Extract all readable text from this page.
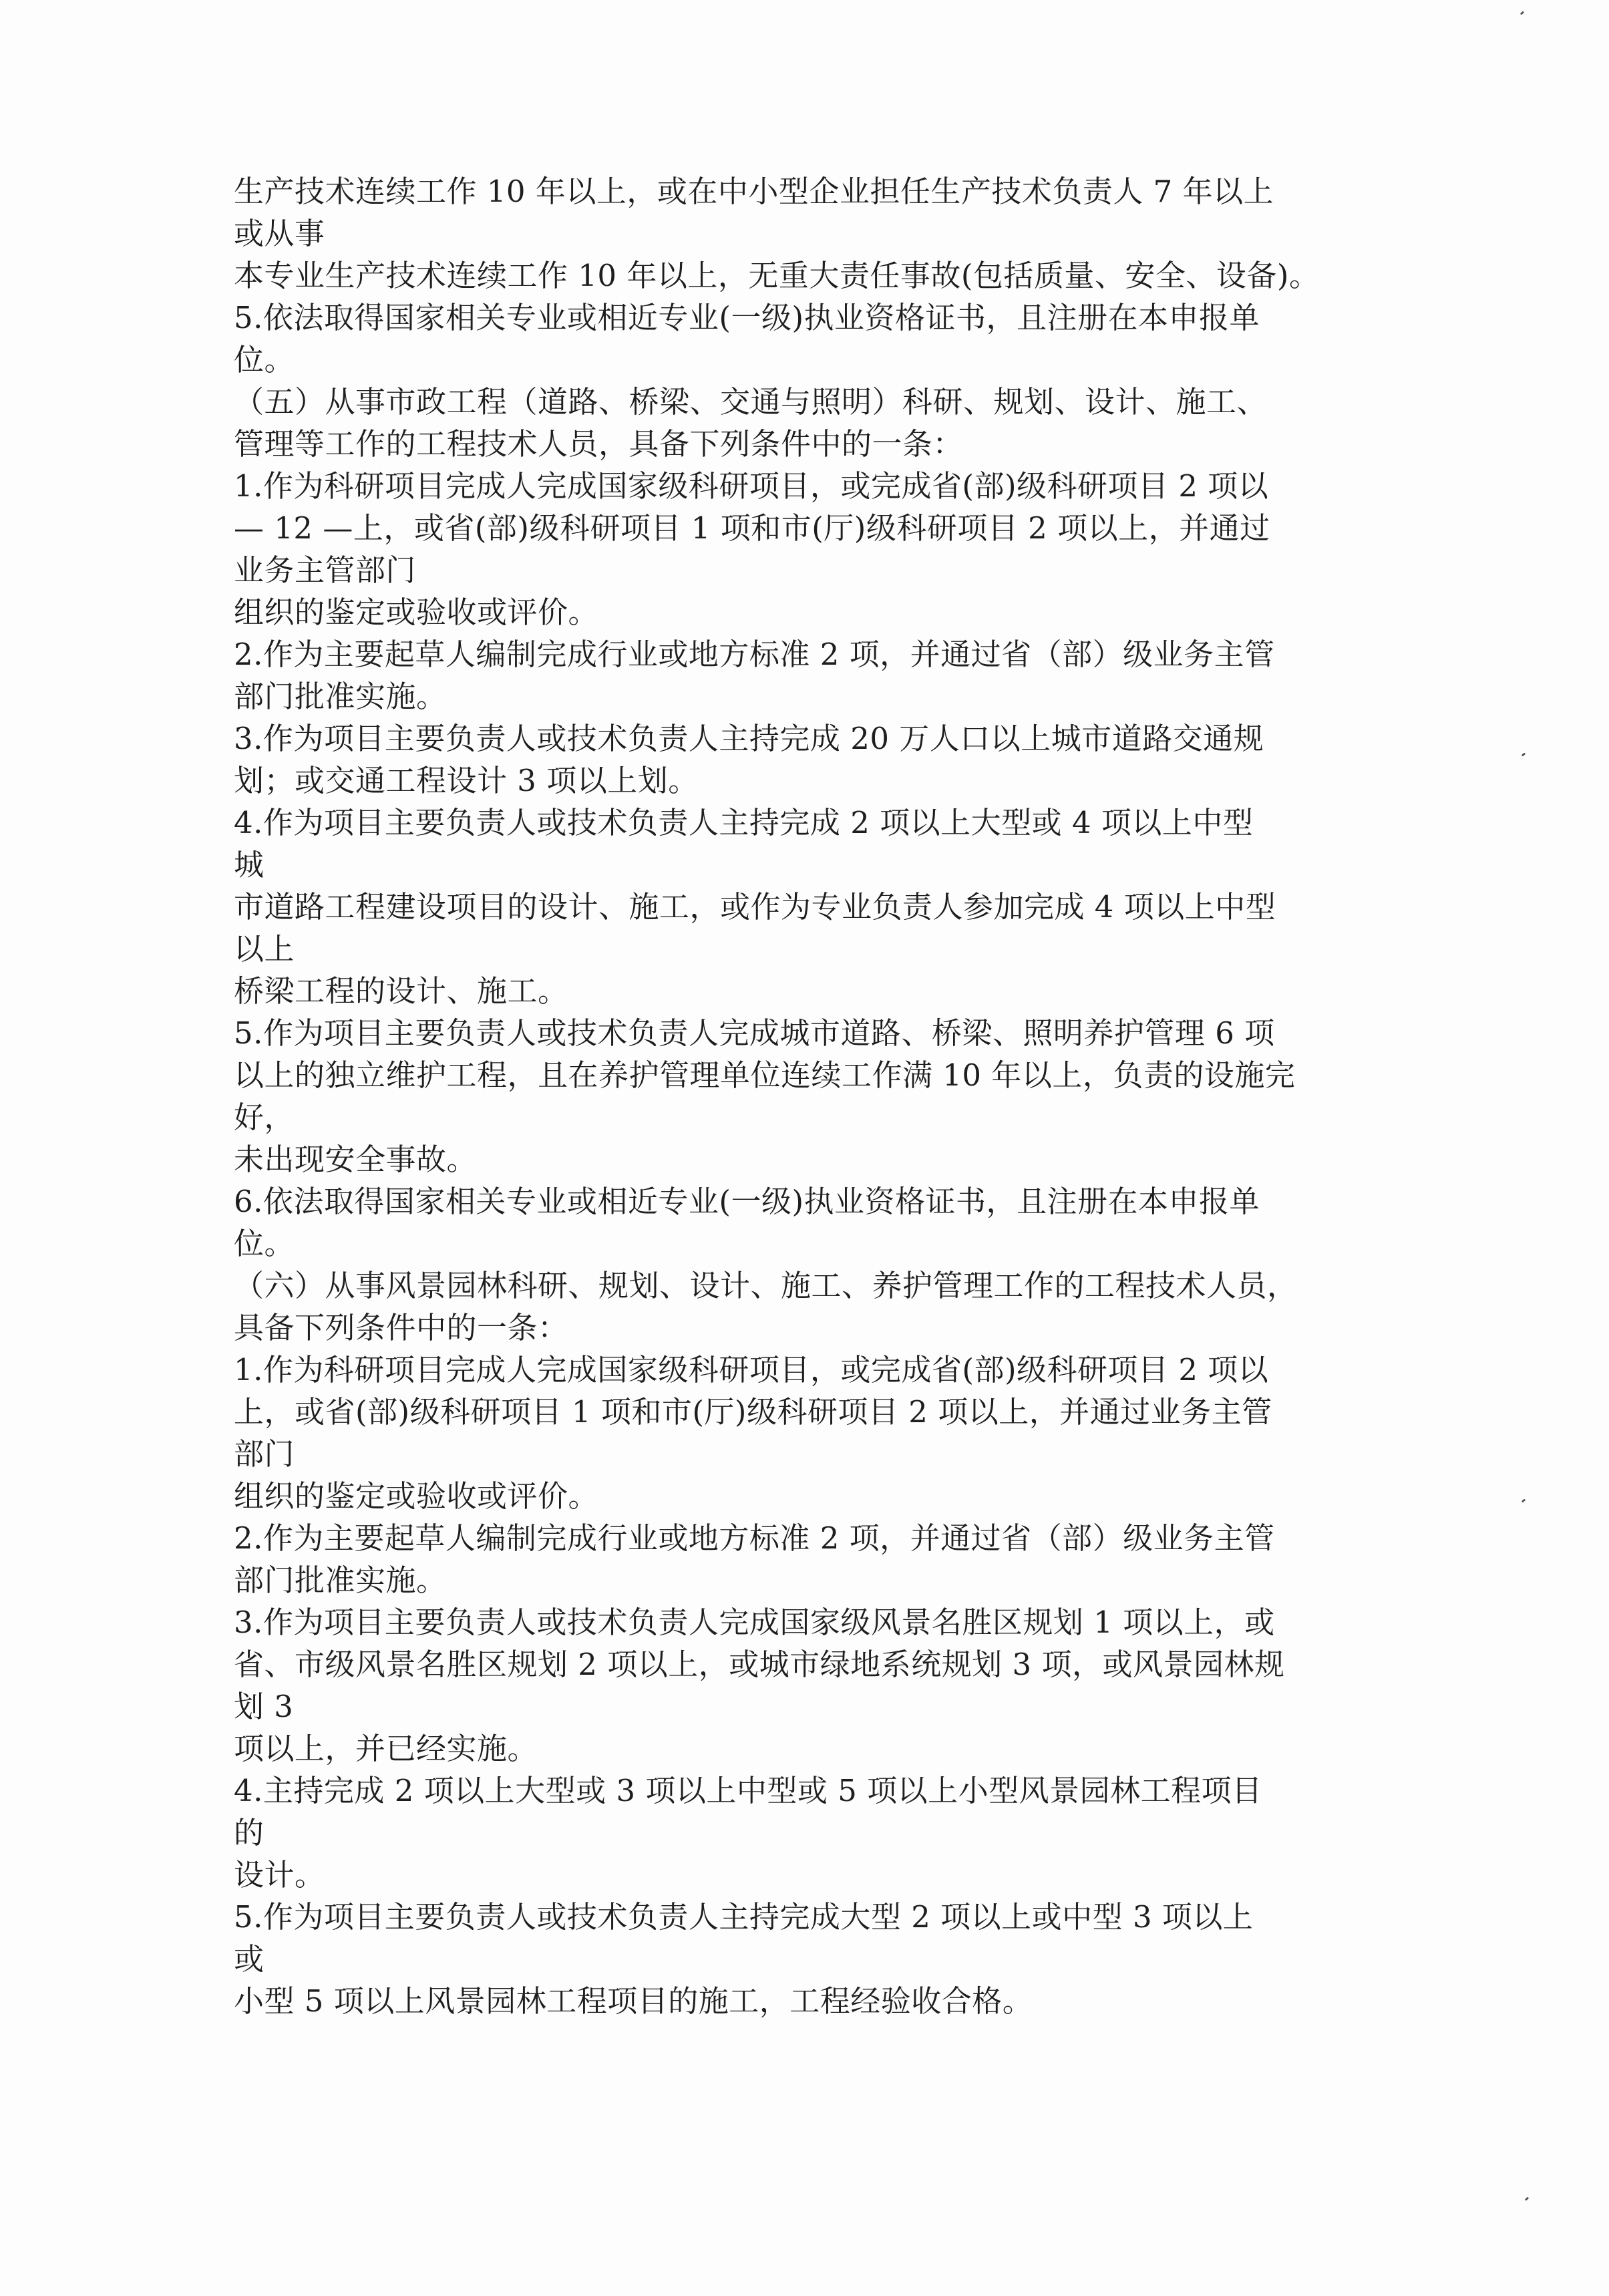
生产技术连续工作 10 年以上，或在中小型企业担任生产技术负责人 7 年以上
或从事
本专业生产技术连续工作 10 年以上，无重大责任事故(包括质量、安全、设备)。
5.依法取得国家相关专业或相近专业(一级)执业资格证书，且注册在本申报单
位。
（五）从事市政工程（道路、桥梁、交通与照明）科研、规划、设计、施工、
管理等工作的工程技术人员，具备下列条件中的一条：
1.作为科研项目完成人完成国家级科研项目，或完成省(部)级科研项目 2 项以
— 12 —上，或省(部)级科研项目 1 项和市(厅)级科研项目 2 项以上，并通过
业务主管部门
组织的鉴定或验收或评价。
2.作为主要起草人编制完成行业或地方标准 2 项，并通过省（部）级业务主管
部门批准实施。
3.作为项目主要负责人或技术负责人主持完成 20 万人口以上城市道路交通规
划；或交通工程设计 3 项以上划。
4.作为项目主要负责人或技术负责人主持完成 2 项以上大型或 4 项以上中型
城
市道路工程建设项目的设计、施工，或作为专业负责人参加完成 4 项以上中型
以上
桥梁工程的设计、施工。
5.作为项目主要负责人或技术负责人完成城市道路、桥梁、照明养护管理 6 项
以上的独立维护工程，且在养护管理单位连续工作满 10 年以上，负责的设施完
好，
未出现安全事故。
6.依法取得国家相关专业或相近专业(一级)执业资格证书，且注册在本申报单
位。
（六）从事风景园林科研、规划、设计、施工、养护管理工作的工程技术人员，
具备下列条件中的一条：
1.作为科研项目完成人完成国家级科研项目，或完成省(部)级科研项目 2 项以
上，或省(部)级科研项目 1 项和市(厅)级科研项目 2 项以上，并通过业务主管
部门
组织的鉴定或验收或评价。
2.作为主要起草人编制完成行业或地方标准 2 项，并通过省（部）级业务主管
部门批准实施。
3.作为项目主要负责人或技术负责人完成国家级风景名胜区规划 1 项以上，或
省、市级风景名胜区规划 2 项以上，或城市绿地系统规划 3 项，或风景园林规
划 3
项以上，并已经实施。
4.主持完成 2 项以上大型或 3 项以上中型或 5 项以上小型风景园林工程项目
的
设计。
5.作为项目主要负责人或技术负责人主持完成大型 2 项以上或中型 3 项以上
或
小型 5 项以上风景园林工程项目的施工，工程经验收合格。
